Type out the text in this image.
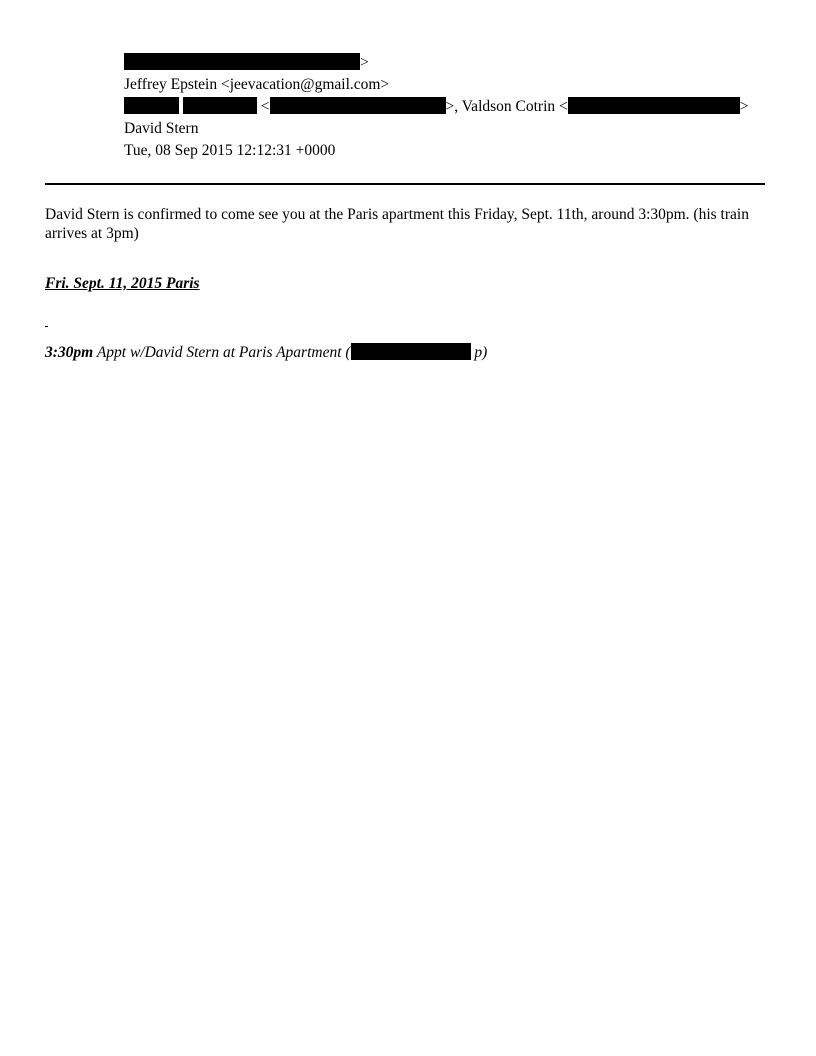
>
Jeffrey Epstein <jeevacation@gmail.com>
<	>, Valdson Cotrin <	>
David Stern
Tue, 08 Sep 2015 12:12:31 +0000
David Stern is confirmed to come see you at the Paris apartment this Friday, Sept. 11th, around 3:30pm. (his train arrives at 3pm)
Fri. Sept. 11, 2015 Paris
3:30pm Appt w/David Stern at Paris Apartment (	p)
